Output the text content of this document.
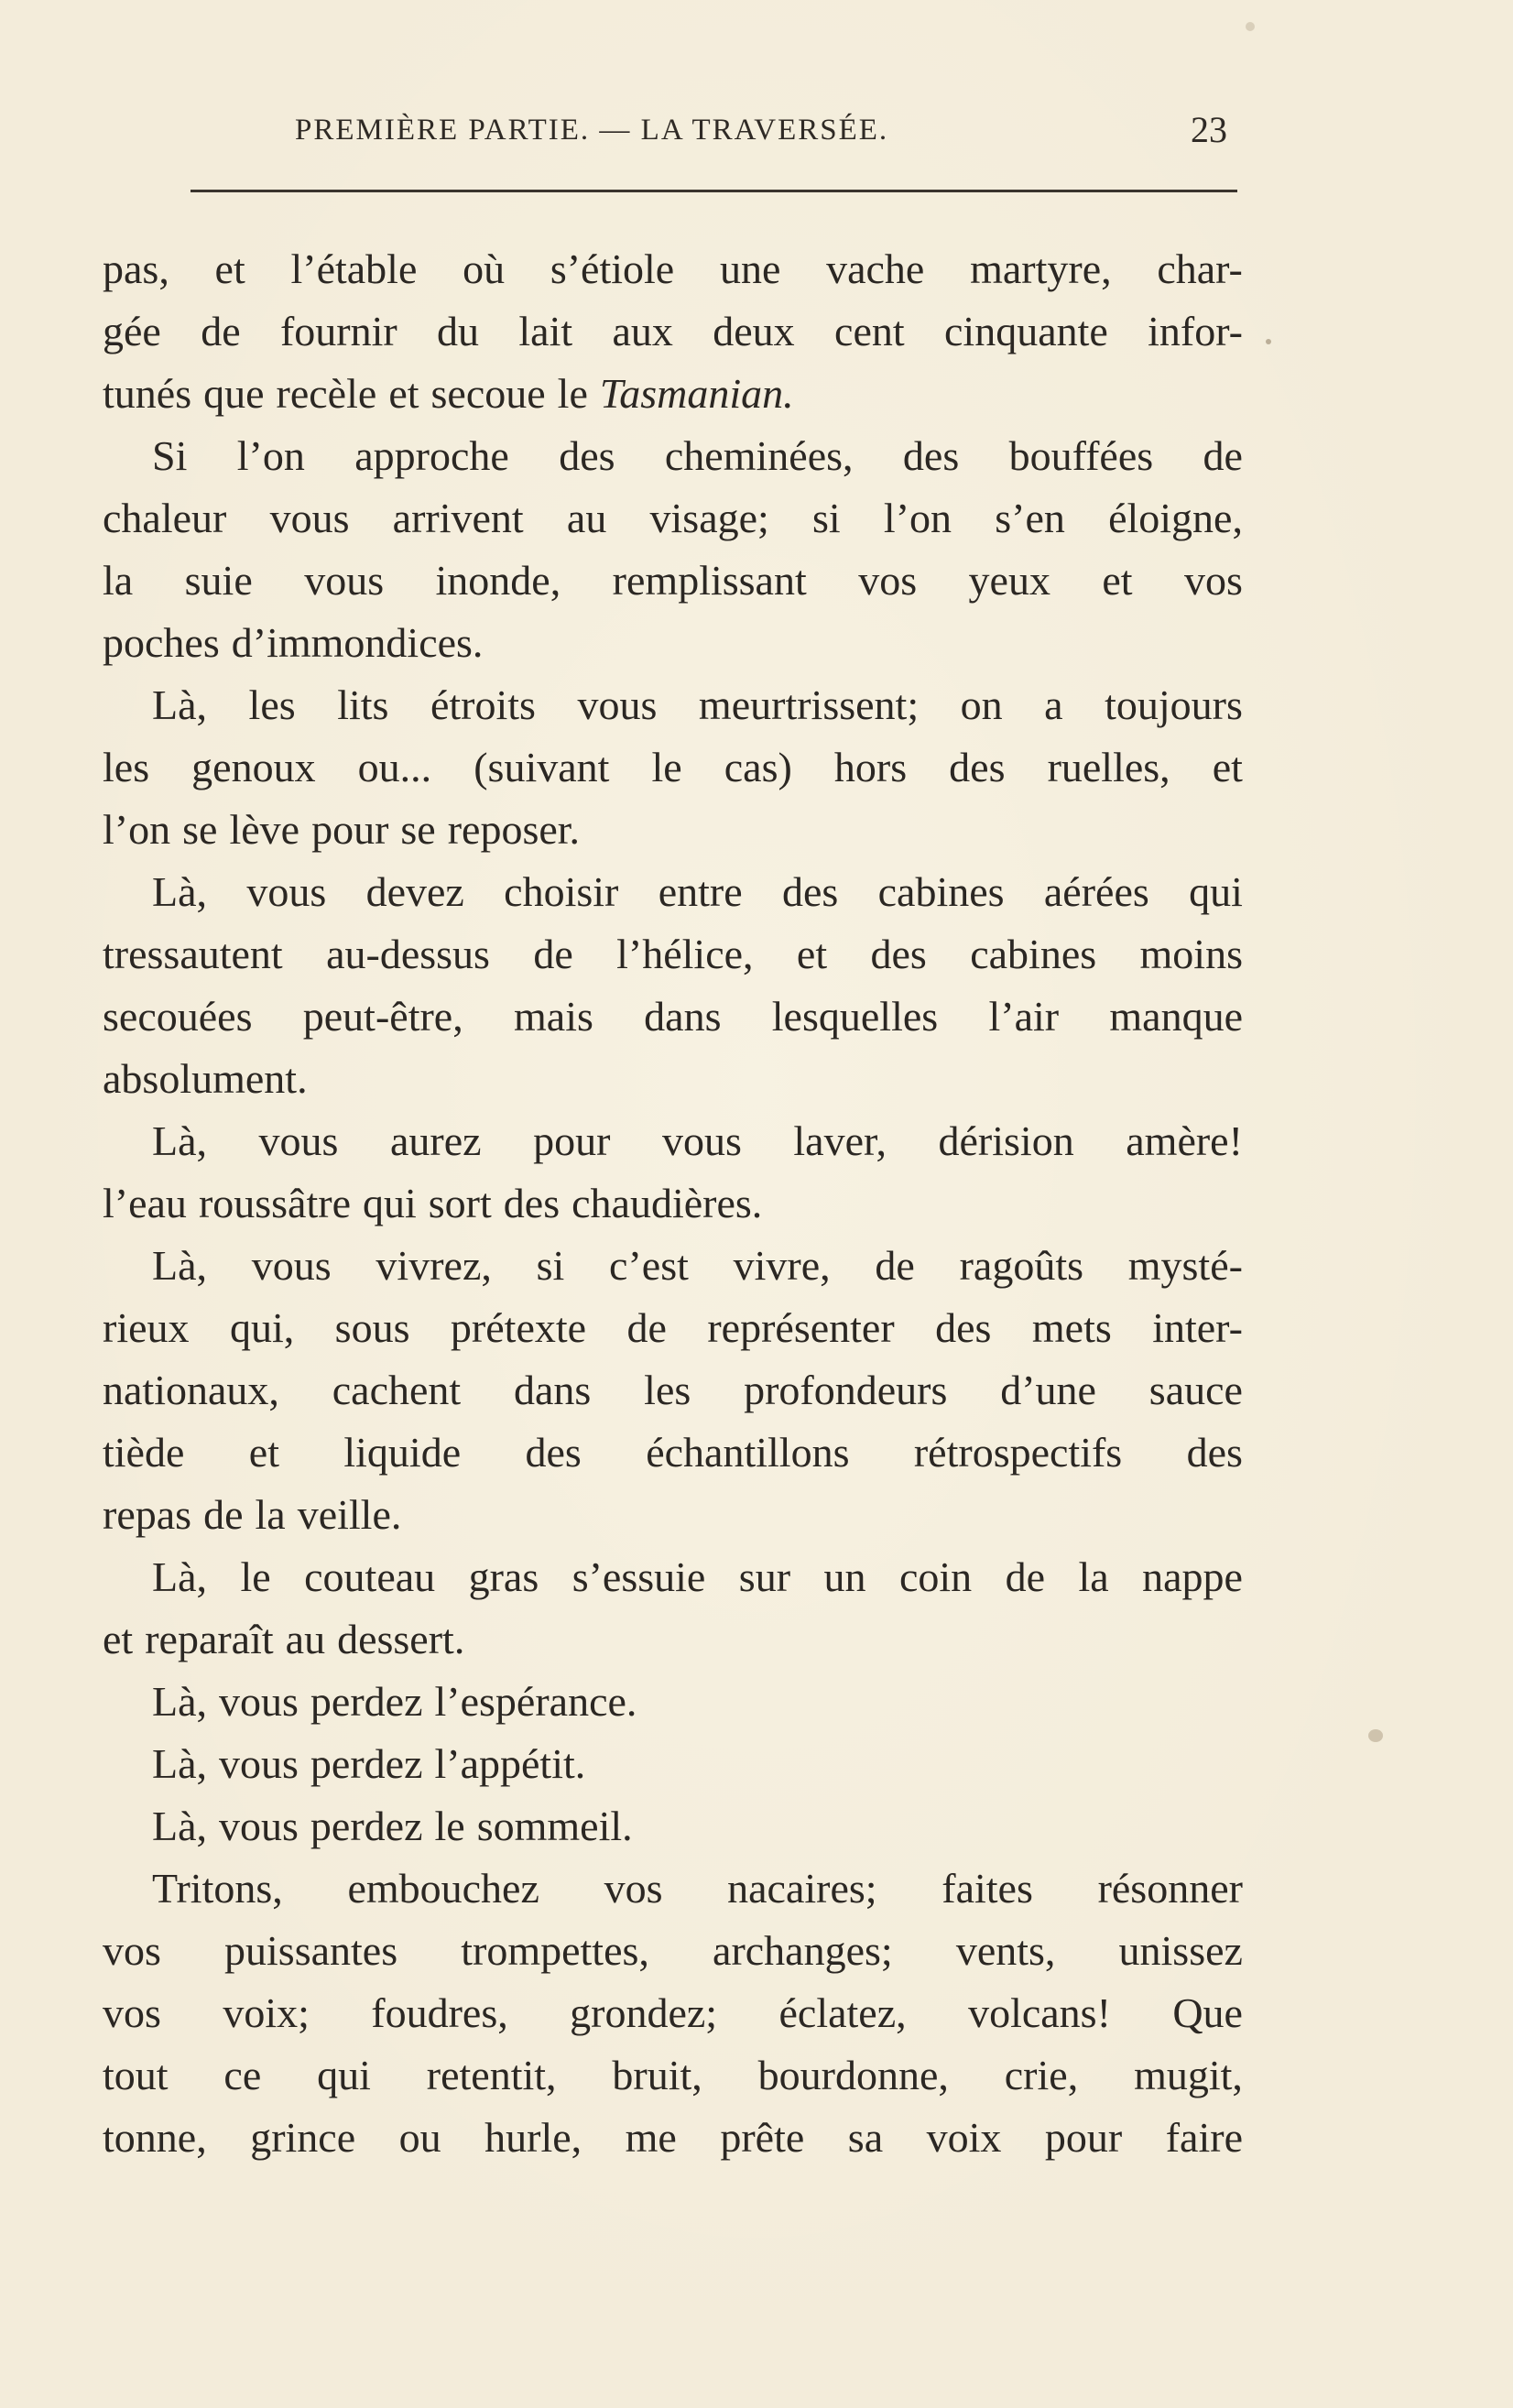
PREMIÈRE PARTIE. — LA TRAVERSÉE.	23
pas, et l’étable où s’étiole une vache martyre, char-
gée de fournir du lait aux deux cent cinquante infor-
tunés que recèle et secoue le Tasmanian.
Si l’on approche des cheminées, des bouffées de
chaleur vous arrivent au visage; si l’on s’en éloigne,
la suie vous inonde, remplissant vos yeux et vos
poches d’immondices.
Là, les lits étroits vous meurtrissent; on a toujours
les genoux ou... (suivant le cas) hors des ruelles, et
l’on se lève pour se reposer.
Là, vous devez choisir entre des cabines aérées qui
tressautent au-dessus de l’hélice, et des cabines moins
secouées peut-être, mais dans lesquelles l’air manque
absolument.
Là, vous aurez pour vous laver, dérision amère!
l’eau roussâtre qui sort des chaudières.
Là, vous vivrez, si c’est vivre, de ragoûts mysté-
rieux qui, sous prétexte de représenter des mets inter-
nationaux, cachent dans les profondeurs d’une sauce
tiède et liquide des échantillons rétrospectifs des
repas de la veille.
Là, le couteau gras s’essuie sur un coin de la nappe
et reparaît au dessert.
Là, vous perdez l’espérance.
Là, vous perdez l’appétit.
Là, vous perdez le sommeil.
Tritons, embouchez vos nacaires; faites résonner
vos puissantes trompettes, archanges; vents, unissez
vos voix; foudres, grondez; éclatez, volcans! Que
tout ce qui retentit, bruit, bourdonne, crie, mugit,
tonne, grince ou hurle, me prête sa voix pour faire
